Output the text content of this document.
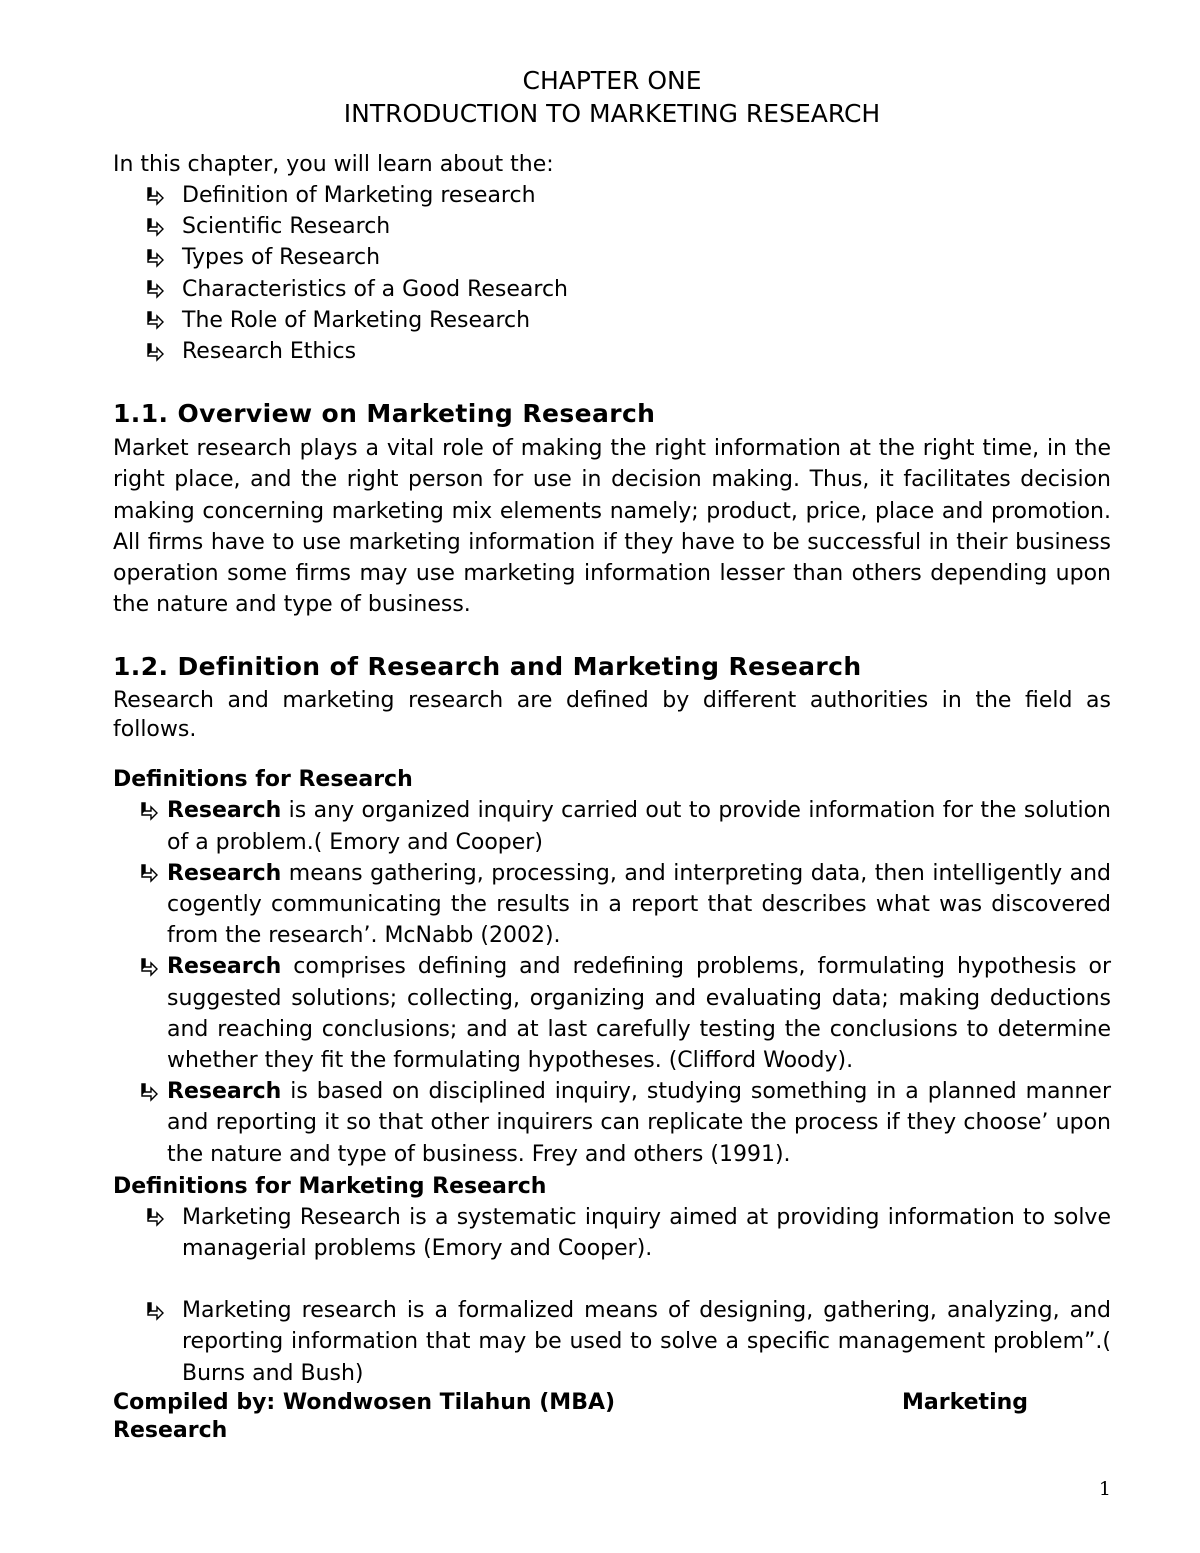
CHAPTER ONE
INTRODUCTION TO MARKETING RESEARCH

In this chapter, you will learn about the:

Definition of Marketing research
Scientific Research
Types of Research
Characteristics of a Good Research
The Role of Marketing Research
Research Ethics
1.1. Overview on Marketing Research

Market research plays a vital role of making the right information at the right time, in the right place, and the right person for use in decision making. Thus, it facilitates decision making concerning marketing mix elements namely; product, price, place and promotion. All firms have to use marketing information if they have to be successful in their business operation some firms may use marketing information lesser than others depending upon the nature and type of business.

1.2. Definition of Research and Marketing Research

Research and marketing research are defined by different authorities in the field as follows.

Definitions for Research
Research is any organized inquiry carried out to provide information for the solution of a problem.( Emory and Cooper)
Research means gathering, processing, and interpreting data, then intelligently and cogently communicating the results in a report that describes what was discovered from the research’. McNabb (2002).
Research comprises defining and redefining problems, formulating hypothesis or suggested solutions; collecting, organizing and evaluating data; making deductions and reaching conclusions; and at last carefully testing the conclusions to determine whether they fit the formulating hypotheses. (Clifford Woody).
Research is based on disciplined inquiry, studying something in a planned manner and reporting it so that other inquirers can replicate the process if they choose’ upon the nature and type of business. Frey and others (1991).
Definitions for Marketing Research
Marketing Research is a systematic inquiry aimed at providing information to solve managerial problems (Emory and Cooper).
Marketing research is a formalized means of designing, gathering, analyzing, and reporting information that may be used to solve a specific management problem”.( Burns and Bush)
Compiled by: Wondwosen Tilahun (MBA)	Marketing
Research
1
